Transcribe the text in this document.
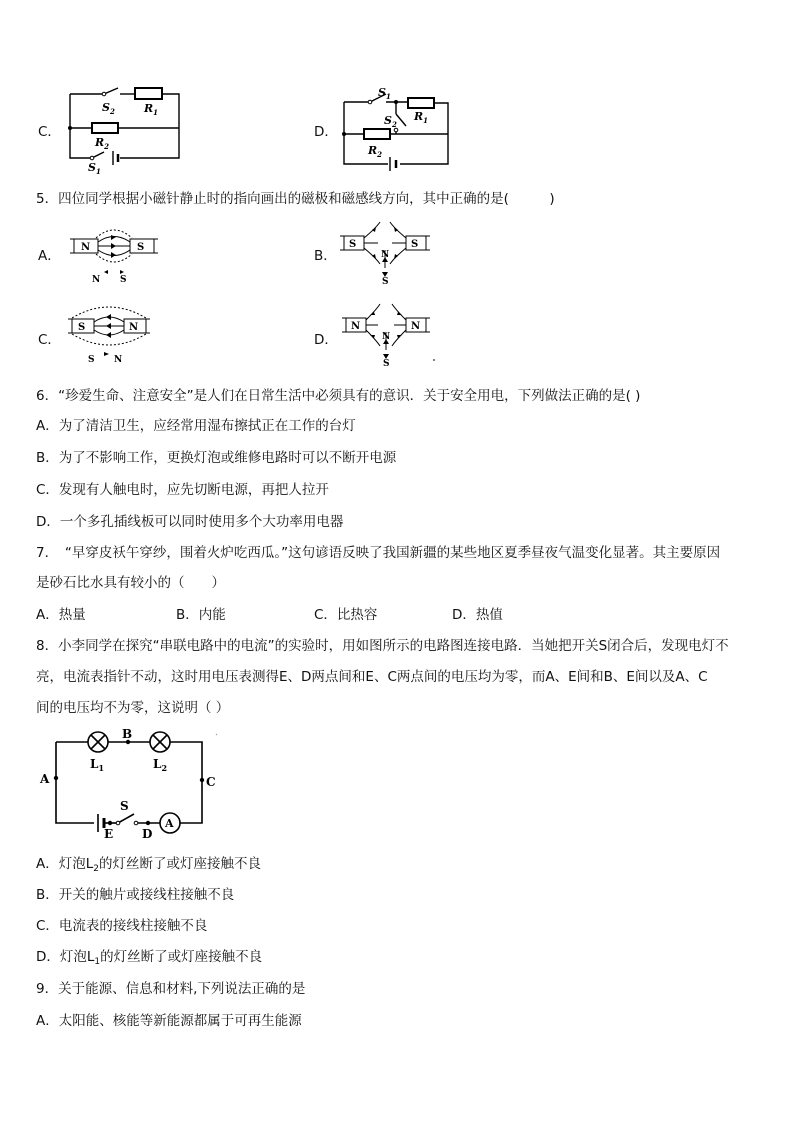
C．
$S_2$	$R_1$
$R_2$
$S_1$
D．
$S_1$
$S_2$
$R_1$
$R_2$
5．四位同学根据小磁针静止时的指向画出的磁极和磁感线方向，其中正确的是(　　　)
A．
N	S
N S
B．
S	S
N
S
C．
S	N
S N
D．
N	N
N
S
6．“珍爱生命、注意安全”是人们在日常生活中必须具有的意识．关于安全用电，下列做法正确的是( )
A．为了清洁卫生，应经常用湿布擦拭正在工作的台灯
B．为了不影响工作，更换灯泡或维修电路时可以不断开电源
C．发现有人触电时，应先切断电源，再把人拉开
D．一个多孔插线板可以同时使用多个大功率用电器
7．　“早穿皮袄午穿纱，围着火炉吃西瓜。”这句谚语反映了我国新疆的某些地区夏季昼夜气温变化显著。其主要原因
是砂石比水具有较小的（　　）
A．热量	B．内能	C．比热容	D．热值
8．小李同学在探究“串联电路中的电流”的实验时，用如图所示的电路图连接电路．当她把开关S闭合后，发现电灯不
亮，电流表指针不动，这时用电压表测得E、D两点间和E、C两点间的电压均为零，而A、E间和B、E间以及A、C
间的电压均不为零，这说明（ ）
B
A	C
E D
S
A
$L_1$	$L_2$
A．灯泡$L_2$的灯丝断了或灯座接触不良
B．开关的触片或接线柱接触不良
C．电流表的接线柱接触不良
D．灯泡$L_1$的灯丝断了或灯座接触不良
9．关于能源、信息和材料,下列说法正确的是
A．太阳能、核能等新能源都属于可再生能源
